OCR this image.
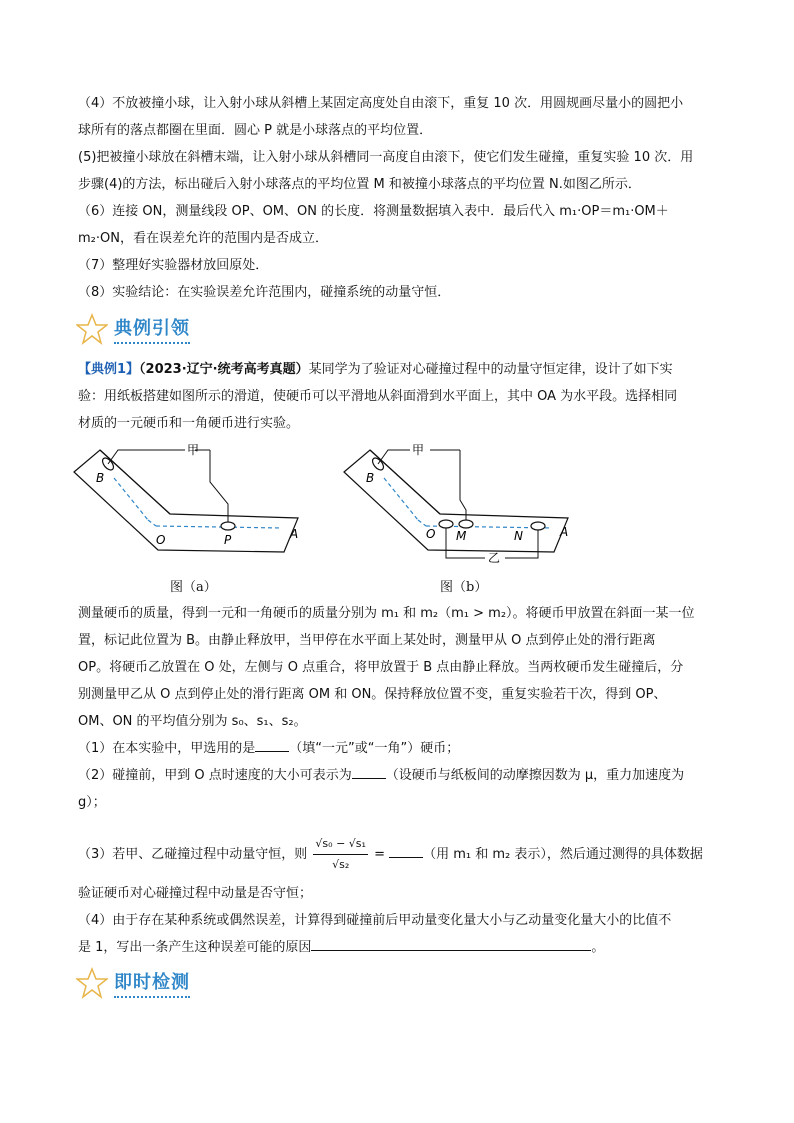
（4）不放被撞小球，让入射小球从斜槽上某固定高度处自由滚下，重复 10 次．用圆规画尽量小的圆把小
球所有的落点都圈在里面．圆心 P 就是小球落点的平均位置．
(5)把被撞小球放在斜槽末端，让入射小球从斜槽同一高度自由滚下，使它们发生碰撞，重复实验 10 次．用
步骤(4)的方法，标出碰后入射小球落点的平均位置 M 和被撞小球落点的平均位置 N.如图乙所示．
（6）连接 ON，测量线段 OP、OM、ON 的长度．将测量数据填入表中．最后代入 m₁·OP＝m₁·OM＋
m₂·ON，看在误差允许的范围内是否成立．
（7）整理好实验器材放回原处．
（8）实验结论：在实验误差允许范围内，碰撞系统的动量守恒．
典例引领
【典例1】（2023·辽宁·统考高考真题）某同学为了验证对心碰撞过程中的动量守恒定律，设计了如下实
验：用纸板搭建如图所示的滑道，使硬币可以平滑地从斜面滑到水平面上，其中 OA 为水平段。选择相同
材质的一元硬币和一角硬币进行实验。
甲
B
O	P	A
图（a）
甲
B
O M	N	A
乙
图（b）
测量硬币的质量，得到一元和一角硬币的质量分别为 m₁ 和 m₂（m₁ > m₂）。将硬币甲放置在斜面一某一位
置，标记此位置为 B。由静止释放甲，当甲停在水平面上某处时，测量甲从 O 点到停止处的滑行距离
OP。将硬币乙放置在 O 处，左侧与 O 点重合，将甲放置于 B 点由静止释放。当两枚硬币发生碰撞后，分
别测量甲乙从 O 点到停止处的滑行距离 OM 和 ON。保持释放位置不变，重复实验若干次，得到 OP、
OM、ON 的平均值分别为 s₀、s₁、s₂。
（1）在本实验中，甲选用的是	（填“一元”或“一角”）硬币；
（2）碰撞前，甲到 O 点时速度的大小可表示为	（设硬币与纸板间的动摩擦因数为 μ，重力加速度为
g）；
（3）若甲、乙碰撞过程中动量守恒，则 $\frac{\text{√s₀ − √s₁}}{\text{√s₂}}$ =	（用 m₁ 和 m₂ 表示），然后通过测得的具体数据
验证硬币对心碰撞过程中动量是否守恒；
（4）由于存在某种系统或偶然误差，计算得到碰撞前后甲动量变化量大小与乙动量变化量大小的比值不
是 1，写出一条产生这种误差可能的原因	。
即时检测
